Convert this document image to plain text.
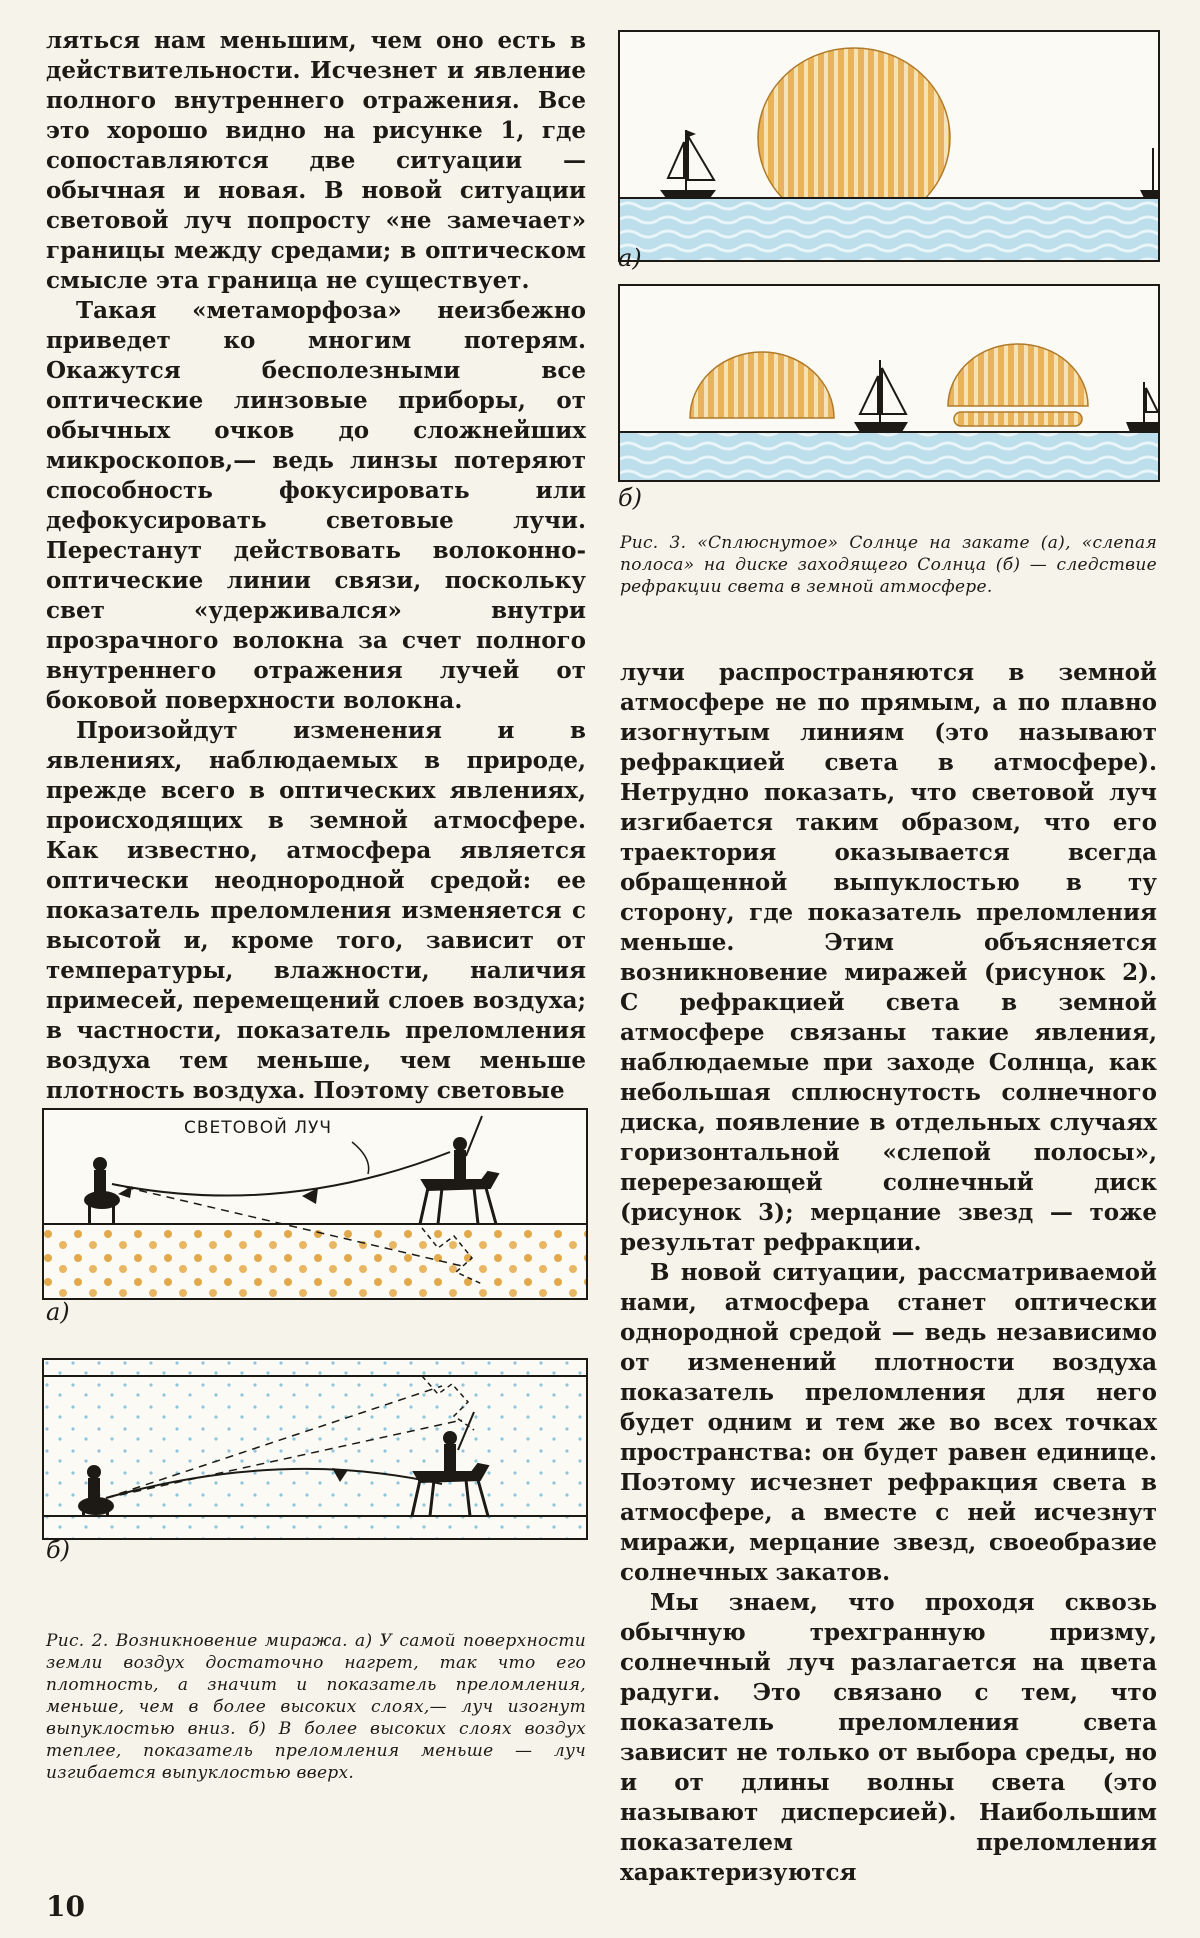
ляться нам меньшим, чем оно есть в действительности. Исчезнет и явление полного внутреннего отражения. Все это хорошо видно на рисунке 1, где сопоставляются две ситуации — обычная и новая. В новой ситуации световой луч попросту «не замечает» границы между средами; в оптическом смысле эта граница не существует.

Такая «метаморфоза» неизбежно приведет ко многим потерям. Окажутся бесполезными все оптические линзовые приборы, от обычных очков до сложнейших микроскопов,— ведь линзы потеряют способность фокусировать или дефокусировать световые лучи. Перестанут действовать волоконно-оптические линии связи, поскольку свет «удерживался» внутри прозрачного волокна за счет полного внутреннего отражения лучей от боковой поверхности волокна.

Произойдут изменения и в явлениях, наблюдаемых в природе, прежде всего в оптических явлениях, происходящих в земной атмосфере. Как известно, атмосфера является оптически неоднородной средой: ее показатель преломления изменяется с высотой и, кроме того, зависит от температуры, влажности, наличия примесей, перемещений слоев воздуха; в частности, показатель преломления воздуха тем меньше, чем меньше плотность воздуха. Поэтому световые

а)
б)
Рис. 3. «Сплюснутое» Солнце на закате (а), «слепая полоса» на диске заходящего Солнца (б) — следствие рефракции света в земной атмосфере.

лучи распространяются в земной атмосфере не по прямым, а по плавно изогнутым линиям (это называют рефракцией света в атмосфере). Нетрудно показать, что световой луч изгибается таким образом, что его траектория оказывается всегда обращенной выпуклостью в ту сторону, где показатель преломления меньше. Этим объясняется возникновение миражей (рисунок 2). С рефракцией света в земной атмосфере связаны такие явления, наблюдаемые при заходе Солнца, как небольшая сплюснутость солнечного диска, появление в отдельных случаях горизонтальной «слепой полосы», перерезающей солнечный диск (рисунок 3); мерцание звезд — тоже результат рефракции.

В новой ситуации, рассматриваемой нами, атмосфера станет оптически однородной средой — ведь независимо от изменений плотности воздуха показатель преломления для него будет одним и тем же во всех точках пространства: он будет равен единице. Поэтому исчезнет рефракция света в атмосфере, а вместе с ней исчезнут миражи, мерцание звезд, своеобразие солнечных закатов.

Мы знаем, что проходя сквозь обычную трехгранную призму, солнечный луч разлагается на цвета радуги. Это связано с тем, что показатель преломления света зависит не только от выбора среды, но и от длины волны света (это называют дисперсией). Наибольшим показателем преломления характеризуются

СВЕТОВОЙ ЛУЧ
а)
б)
Рис. 2. Возникновение миража. а) У самой поверхности земли воздух достаточно нагрет, так что его плотность, а значит и показатель преломления, меньше, чем в более высоких слоях,— луч изогнут выпуклостью вниз. б) В более высоких слоях воздух теплее, показатель преломления меньше — луч изгибается выпуклостью вверх.
10
